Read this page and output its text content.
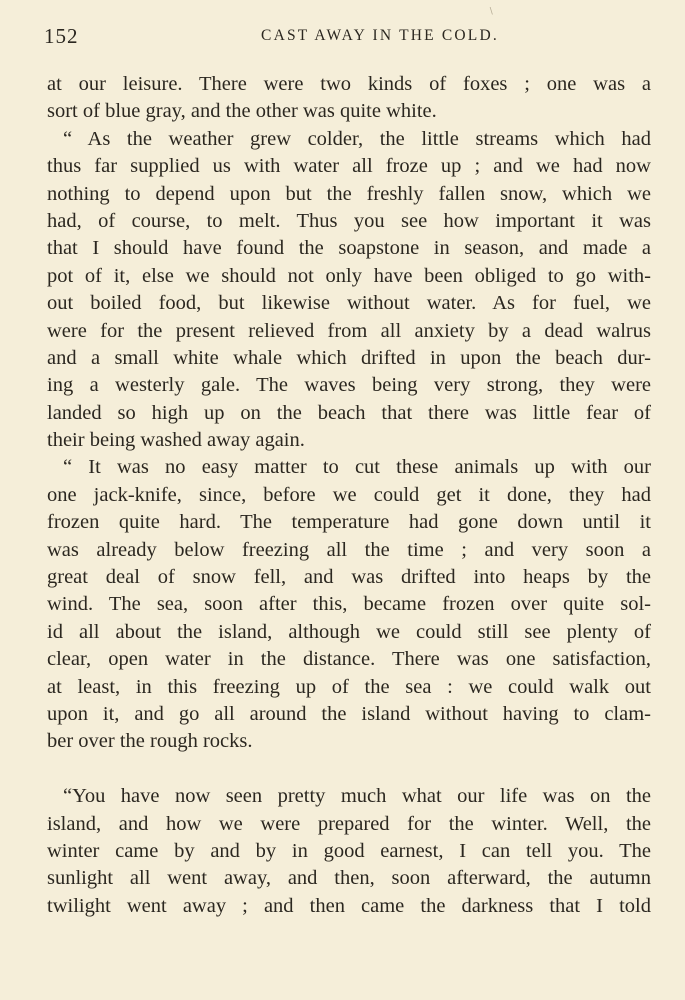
152	CAST AWAY IN THE COLD.
∖
at our leisure. There were two kinds of foxes ; one was a
sort of blue gray, and the other was quite white.
“ As the weather grew colder, the little streams which had
thus far supplied us with water all froze up ; and we had now
nothing to depend upon but the freshly fallen snow, which we
had, of course, to melt. Thus you see how important it was
that I should have found the soapstone in season, and made a
pot of it, else we should not only have been obliged to go with-
out boiled food, but likewise without water. As for fuel, we
were for the present relieved from all anxiety by a dead walrus
and a small white whale which drifted in upon the beach dur-
ing a westerly gale. The waves being very strong, they were
landed so high up on the beach that there was little fear of
their being washed away again.
“ It was no easy matter to cut these animals up with our
one jack-knife, since, before we could get it done, they had
frozen quite hard. The temperature had gone down until it
was already below freezing all the time ; and very soon a
great deal of snow fell, and was drifted into heaps by the
wind. The sea, soon after this, became frozen over quite sol-
id all about the island, although we could still see plenty of
clear, open water in the distance. There was one satisfaction,
at least, in this freezing up of the sea : we could walk out
upon it, and go all around the island without having to clam-
ber over the rough rocks.
“You have now seen pretty much what our life was on the
island, and how we were prepared for the winter. Well, the
winter came by and by in good earnest, I can tell you. The
sunlight all went away, and then, soon afterward, the autumn
twilight went away ; and then came the darkness that I told
